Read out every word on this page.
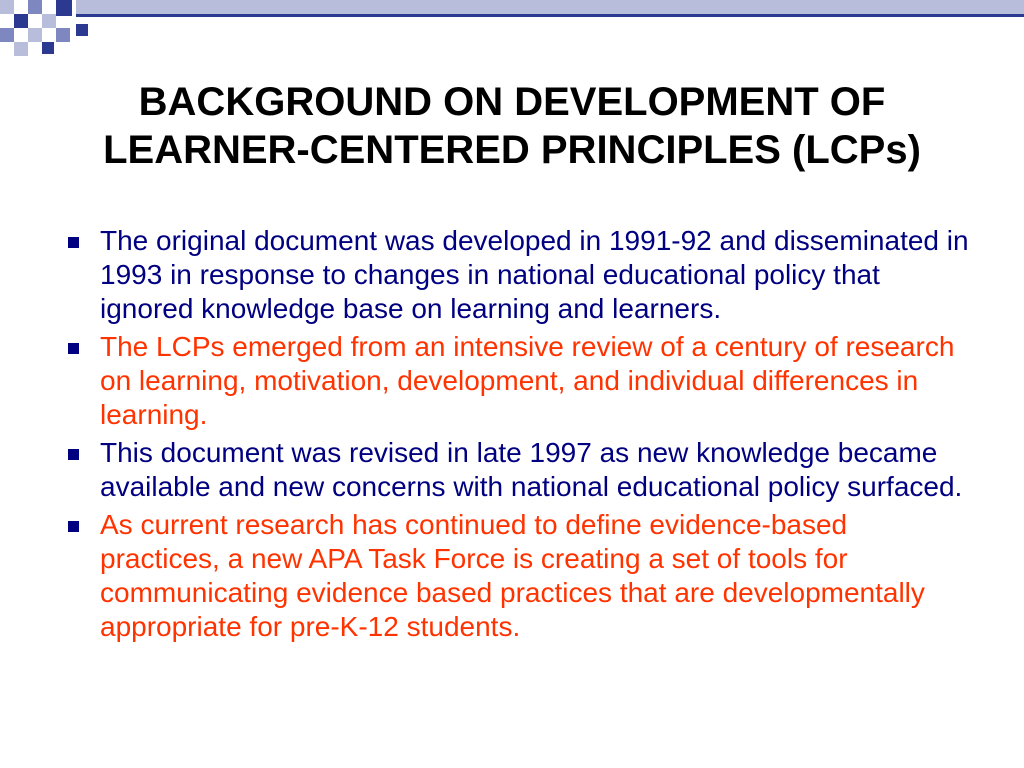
BACKGROUND ON DEVELOPMENT OF
LEARNER-CENTERED PRINCIPLES (LCPs)
The original document was developed in 1991-92 and disseminated in 1993 in response to changes in national educational policy that ignored knowledge base on learning and learners.
The LCPs emerged from an intensive review of a century of research on learning, motivation, development, and individual differences in learning.
This document was revised in late 1997 as new knowledge became available and new concerns with national educational policy surfaced.
As current research has continued to define evidence-based practices, a new APA Task Force is creating a set of tools for communicating evidence based practices that are developmentally appropriate for pre-K-12 students.
